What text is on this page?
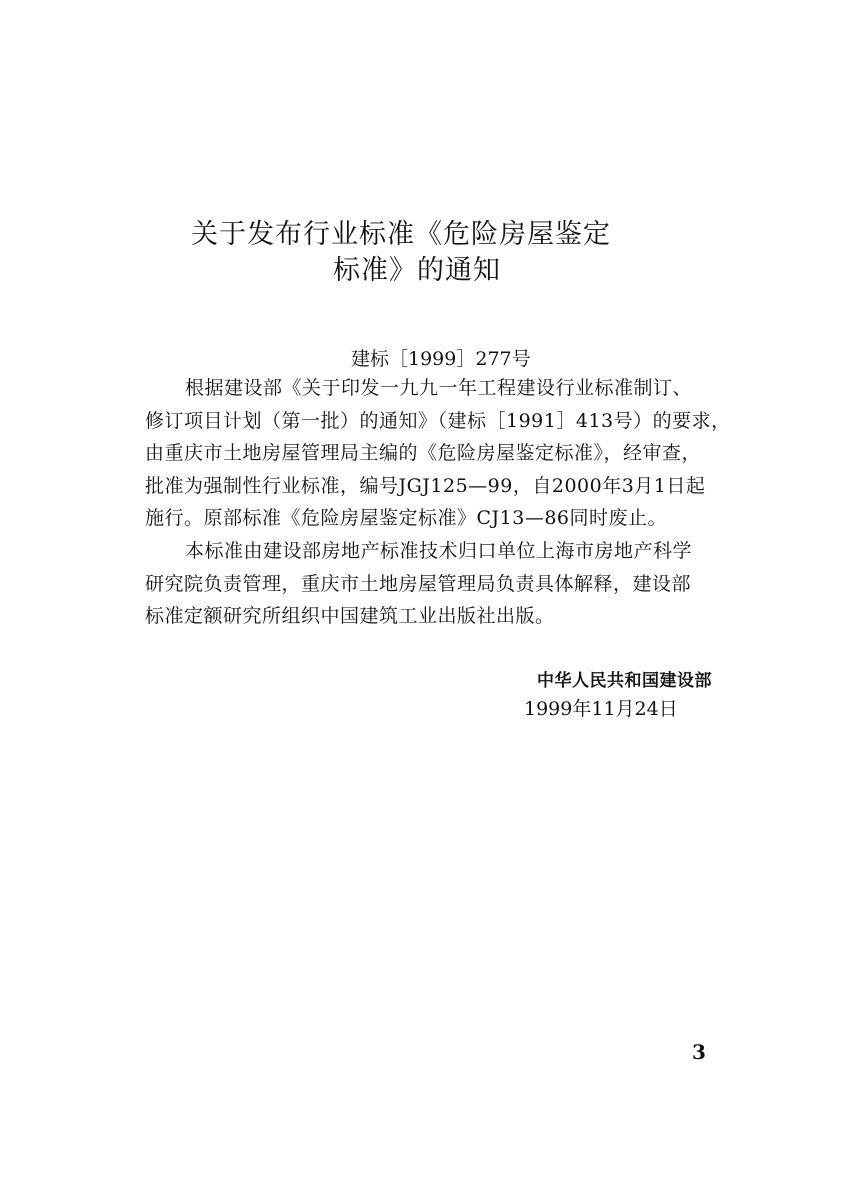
关于发布行业标准《危险房屋鉴定
标准》的通知
建标［1999］277号
根据建设部《关于印发一九九一年工程建设行业标准制订、
修订项目计划（第一批）的通知》（建标［1991］413号）的要求，
由重庆市土地房屋管理局主编的《危险房屋鉴定标准》，经审查，
批准为强制性行业标准，编号JGJ125—99，自2000年3月1日起
施行。原部标准《危险房屋鉴定标准》CJ13—86同时废止。
本标准由建设部房地产标准技术归口单位上海市房地产科学
研究院负责管理，重庆市土地房屋管理局负责具体解释，建设部
标准定额研究所组织中国建筑工业出版社出版。
中华人民共和国建设部
1999年11月24日
3
